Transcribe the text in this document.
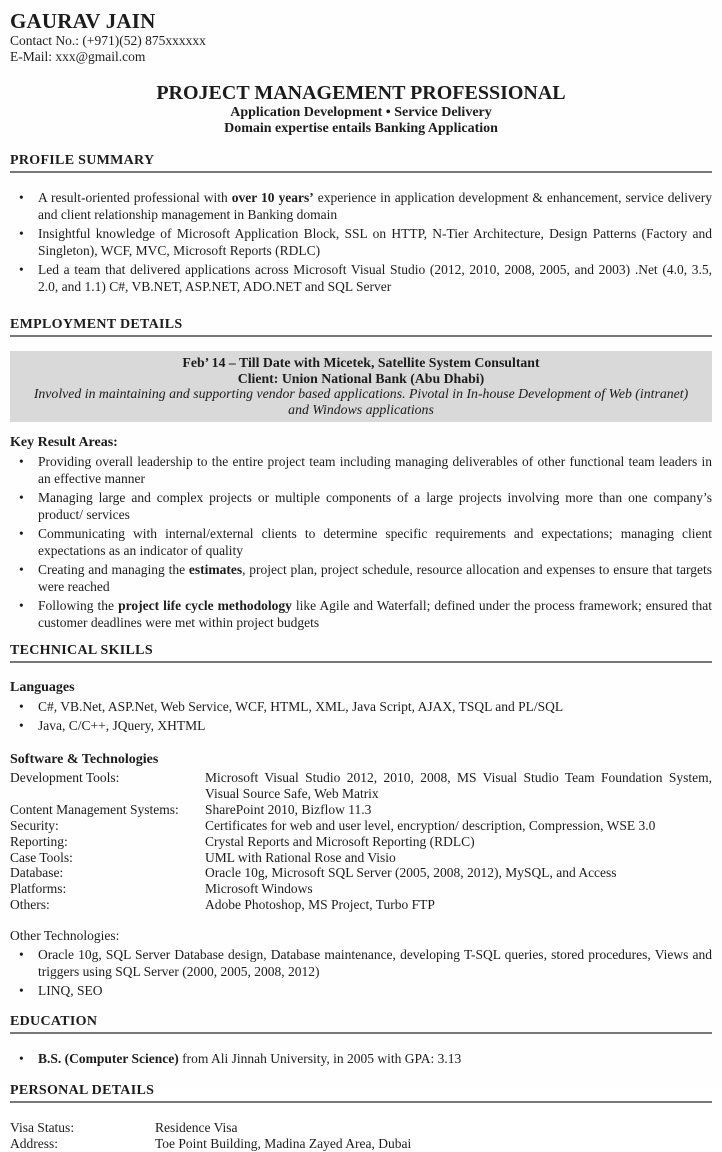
GAURAV JAIN
Contact No.: (+971)(52) 875xxxxxx
E-Mail: xxx@gmail.com
PROJECT MANAGEMENT PROFESSIONAL
Application Development • Service Delivery
Domain expertise entails Banking Application
PROFILE SUMMARY
• A result-oriented professional with over 10 years’ experience in application development & enhancement, service delivery and client relationship management in Banking domain
• Insightful knowledge of Microsoft Application Block, SSL on HTTP, N-Tier Architecture, Design Patterns (Factory and Singleton), WCF, MVC, Microsoft Reports (RDLC)
• Led a team that delivered applications across Microsoft Visual Studio (2012, 2010, 2008, 2005, and 2003) .Net (4.0, 3.5, 2.0, and 1.1) C#, VB.NET, ASP.NET, ADO.NET and SQL Server
EMPLOYMENT DETAILS
Feb’ 14 – Till Date with Micetek, Satellite System Consultant
Client: Union National Bank (Abu Dhabi)
Involved in maintaining and supporting vendor based applications. Pivotal in In-house Development of Web (intranet) and Windows applications
Key Result Areas:
• Providing overall leadership to the entire project team including managing deliverables of other functional team leaders in an effective manner
• Managing large and complex projects or multiple components of a large projects involving more than one company’s product/ services
• Communicating with internal/external clients to determine specific requirements and expectations; managing client expectations as an indicator of quality
• Creating and managing the estimates, project plan, project schedule, resource allocation and expenses to ensure that targets were reached
• Following the project life cycle methodology like Agile and Waterfall; defined under the process framework; ensured that customer deadlines were met within project budgets
TECHNICAL SKILLS
Languages
• C#, VB.Net, ASP.Net, Web Service, WCF, HTML, XML, Java Script, AJAX, TSQL and PL/SQL
• Java, C/C++, JQuery, XHTML
Software & Technologies
Development Tools:	Microsoft Visual Studio 2012, 2010, 2008, MS Visual Studio Team Foundation System, Visual Source Safe, Web Matrix
Content Management Systems:	SharePoint 2010, Bizflow 11.3
Security:	Certificates for web and user level, encryption/ description, Compression, WSE 3.0
Reporting:	Crystal Reports and Microsoft Reporting (RDLC)
Case Tools:	UML with Rational Rose and Visio
Database:	Oracle 10g, Microsoft SQL Server (2005, 2008, 2012), MySQL, and Access
Platforms:	Microsoft Windows
Others:	Adobe Photoshop, MS Project, Turbo FTP
Other Technologies:
• Oracle 10g, SQL Server Database design, Database maintenance, developing T-SQL queries, stored procedures, Views and triggers using SQL Server (2000, 2005, 2008, 2012)
• LINQ, SEO
EDUCATION
• B.S. (Computer Science) from Ali Jinnah University, in 2005 with GPA: 3.13
PERSONAL DETAILS
Visa Status:	Residence Visa
Address:	Toe Point Building, Madina Zayed Area, Dubai
